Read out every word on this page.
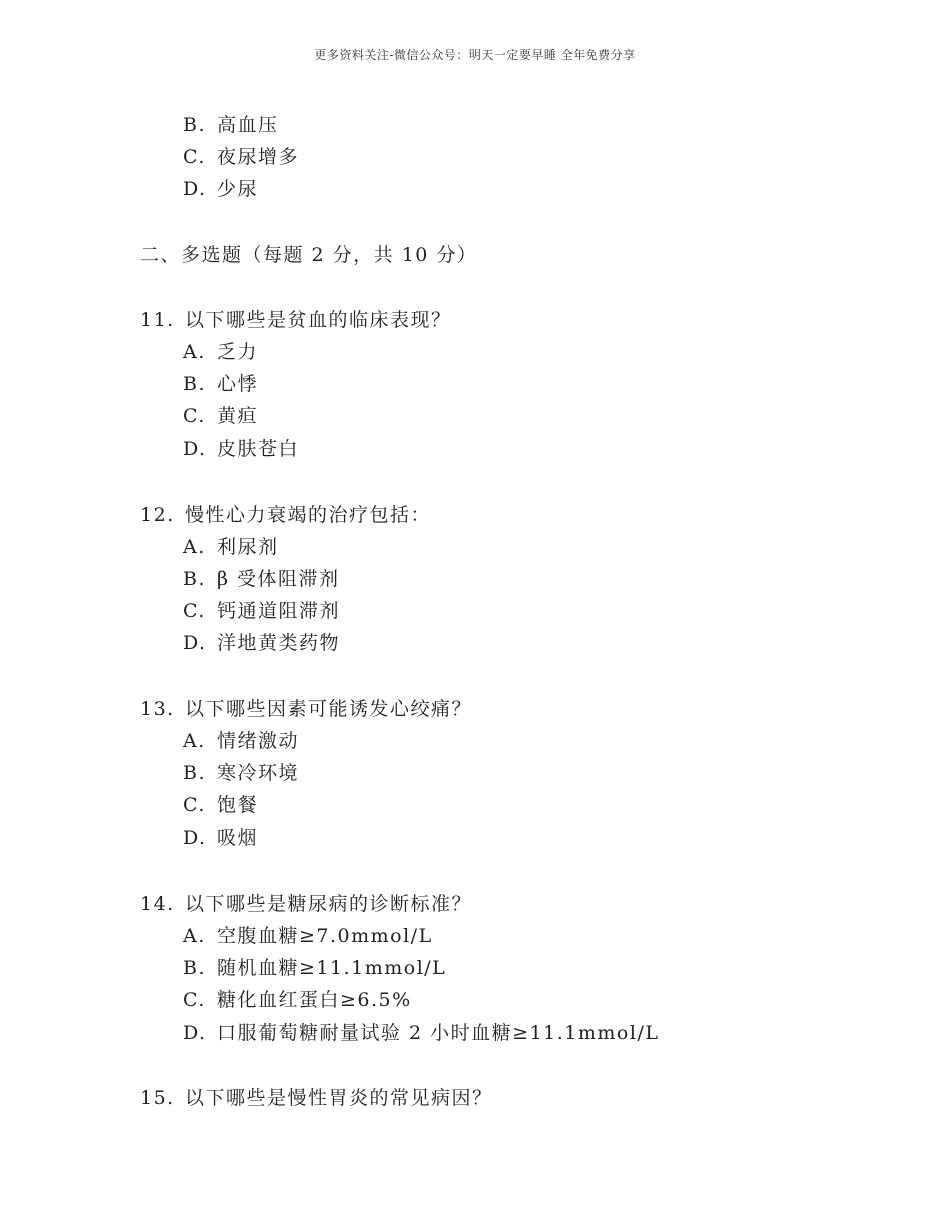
更多资料关注-微信公众号：明天一定要早睡 全年免费分享
B. 高血压
C. 夜尿增多
D. 少尿
二、多选题（每题 2 分，共 10 分）
11. 以下哪些是贫血的临床表现？
A. 乏力
B. 心悸
C. 黄疸
D. 皮肤苍白
12. 慢性心力衰竭的治疗包括：
A. 利尿剂
B. β 受体阻滞剂
C. 钙通道阻滞剂
D. 洋地黄类药物
13. 以下哪些因素可能诱发心绞痛？
A. 情绪激动
B. 寒冷环境
C. 饱餐
D. 吸烟
14. 以下哪些是糖尿病的诊断标准？
A. 空腹血糖≥7.0mmol/L
B. 随机血糖≥11.1mmol/L
C. 糖化血红蛋白≥6.5%
D. 口服葡萄糖耐量试验 2 小时血糖≥11.1mmol/L
15. 以下哪些是慢性胃炎的常见病因？
